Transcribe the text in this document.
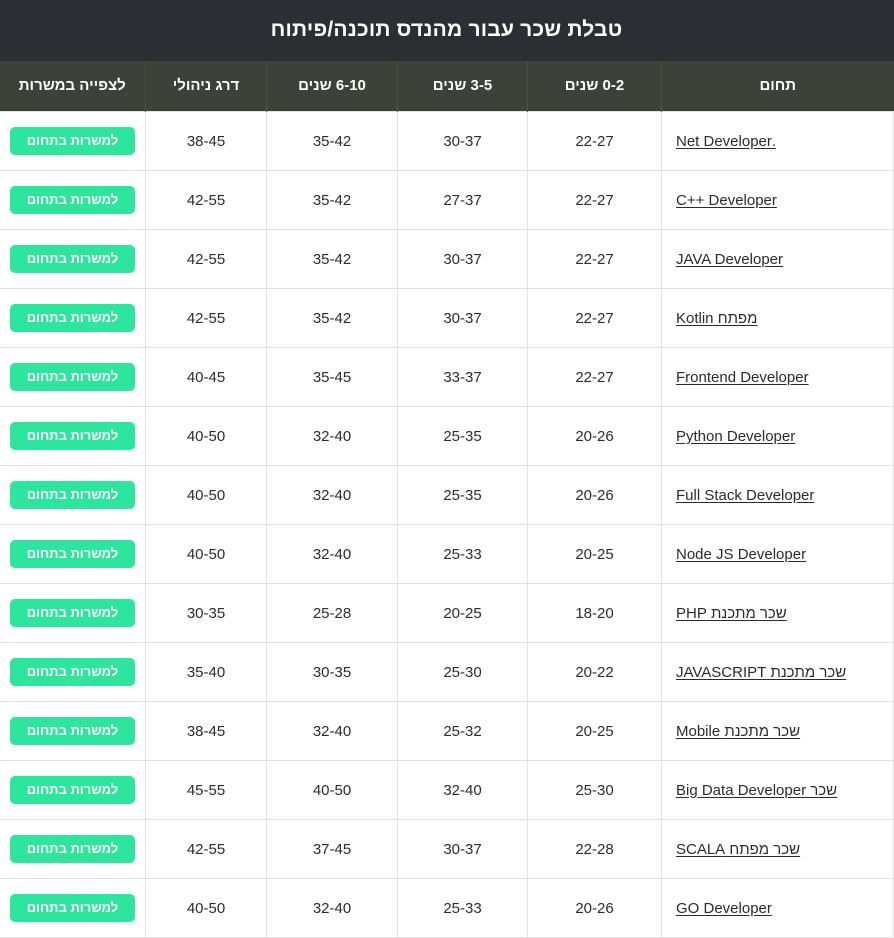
טבלת שכר עבור מהנדס תוכנה/פיתוח					
תחום	0-2 שנים	3-5 שנים	6-10 שנים	דרג ניהולי	לצפייה במשרות
.Net Developer	22-27	30-37	35-42	38-45	למשרות בתחום

C++ Developer	22-27	27-37	35-42	42-55	למשרות בתחום

JAVA Developer	22-27	30-37	35-42	42-55	למשרות בתחום

מפתח Kotlin	22-27	30-37	35-42	42-55	למשרות בתחום

Frontend Developer	22-27	33-37	35-45	40-45	למשרות בתחום

Python Developer	20-26	25-35	32-40	40-50	למשרות בתחום

Full Stack Developer	20-26	25-35	32-40	40-50	למשרות בתחום

Node JS Developer	20-25	25-33	32-40	40-50	למשרות בתחום

שכר מתכנת PHP	18-20	20-25	25-28	30-35	למשרות בתחום

שכר מתכנת JAVASCRIPT	20-22	25-30	30-35	35-40	למשרות בתחום

שכר מתכנת Mobile	20-25	25-32	32-40	38-45	למשרות בתחום

שכר Big Data Developer	25-30	32-40	40-50	45-55	למשרות בתחום

שכר מפתח SCALA	22-28	30-37	37-45	42-55	למשרות בתחום

GO Developer	20-26	25-33	32-40	40-50	למשרות בתחום
